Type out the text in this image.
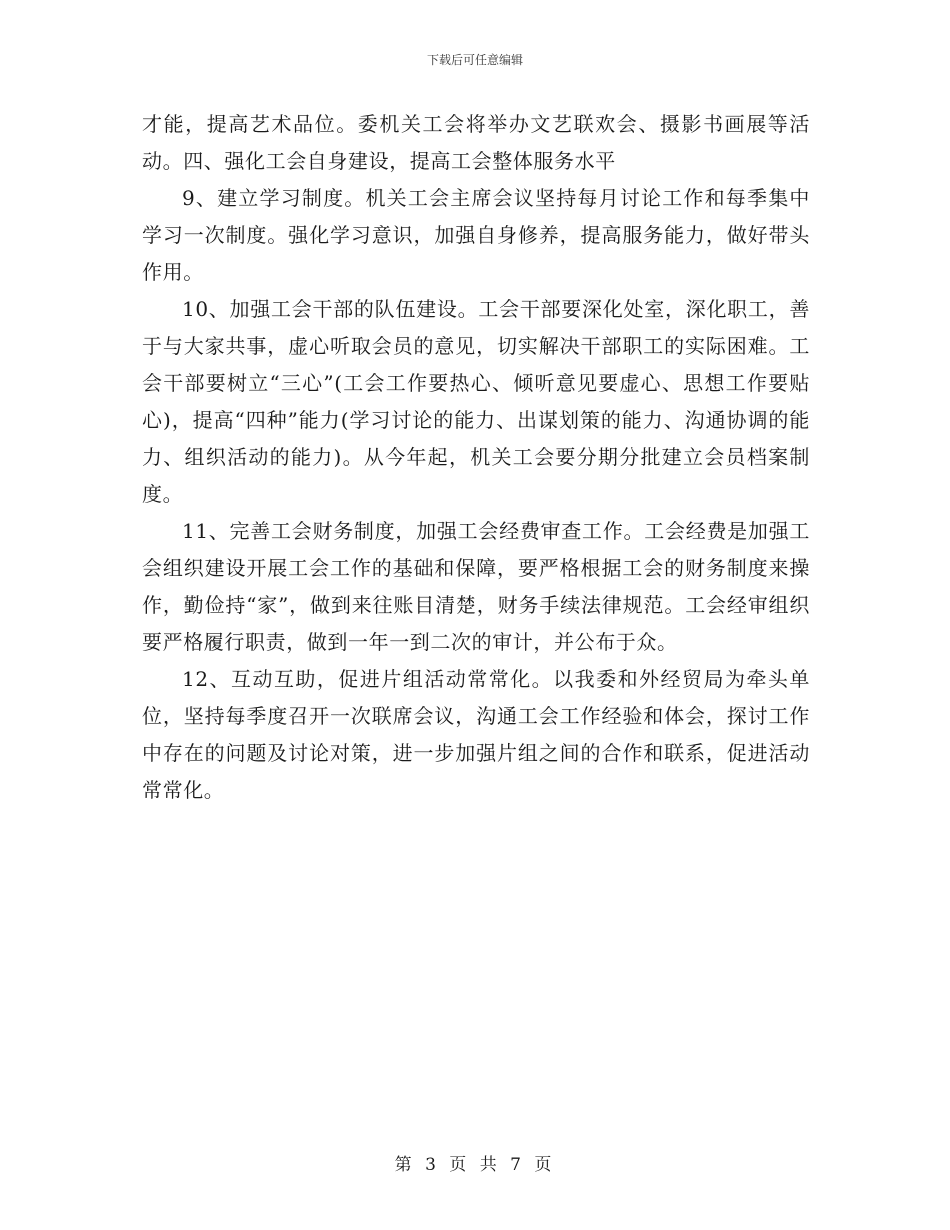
下载后可任意编辑

才能，提高艺术品位。委机关工会将举办文艺联欢会、摄影书画展等活动。四、强化工会自身建设，提高工会整体服务水平

9、建立学习制度。机关工会主席会议坚持每月讨论工作和每季集中学习一次制度。强化学习意识，加强自身修养，提高服务能力，做好带头作用。

10、加强工会干部的队伍建设。工会干部要深化处室，深化职工，善于与大家共事，虚心听取会员的意见，切实解决干部职工的实际困难。工会干部要树立“三心”(工会工作要热心、倾听意见要虚心、思想工作要贴心)，提高“四种”能力(学习讨论的能力、出谋划策的能力、沟通协调的能力、组织活动的能力)。从今年起，机关工会要分期分批建立会员档案制度。

11、完善工会财务制度，加强工会经费审查工作。工会经费是加强工会组织建设开展工会工作的基础和保障，要严格根据工会的财务制度来操作，勤俭持“家”，做到来往账目清楚，财务手续法律规范。工会经审组织要严格履行职责，做到一年一到二次的审计，并公布于众。

12、互动互助，促进片组活动常常化。以我委和外经贸局为牵头单位，坚持每季度召开一次联席会议，沟通工会工作经验和体会，探讨工作中存在的问题及讨论对策，进一步加强片组之间的合作和联系，促进活动常常化。

第 3 页 共 7 页
